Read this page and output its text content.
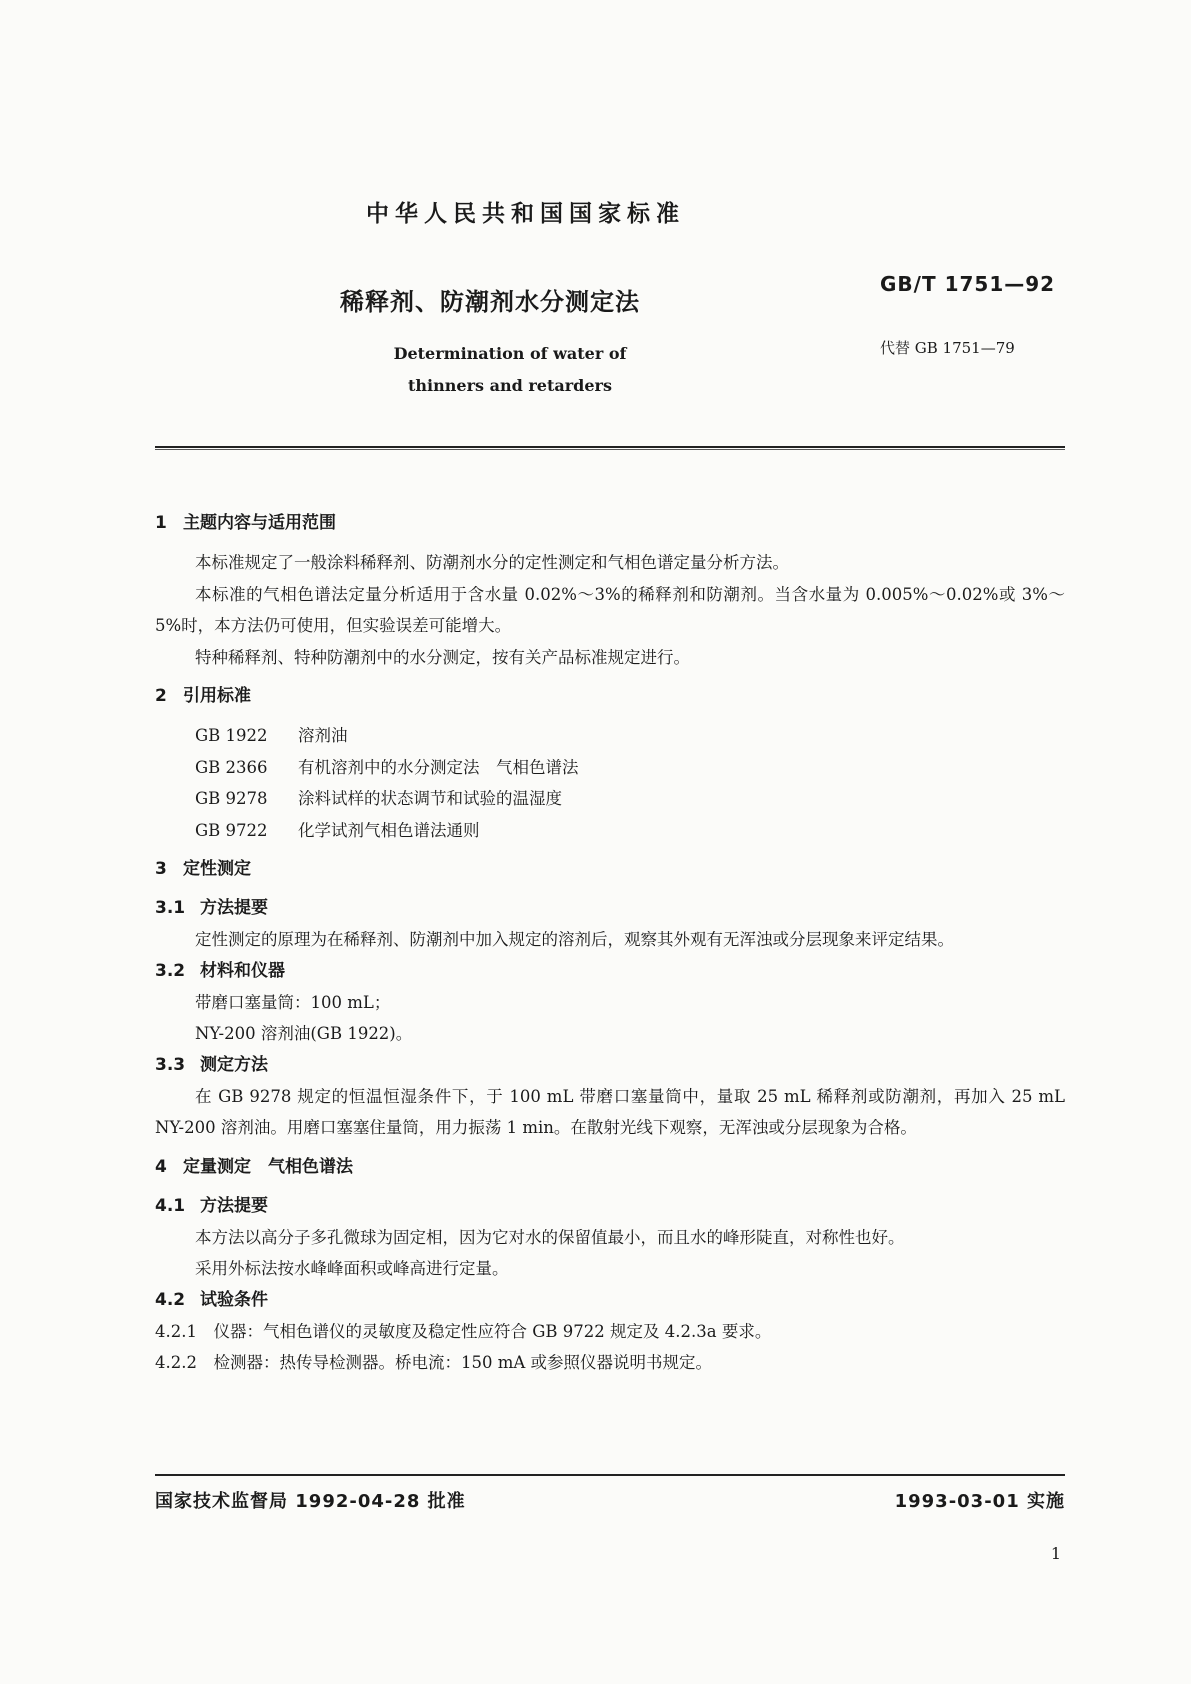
中华人民共和国国家标准
稀释剂、防潮剂水分测定法
GB/T 1751—92
代替 GB 1751—79
Determination of water of
thinners and retarders
1 主题内容与适用范围

本标准规定了一般涂料稀释剂、防潮剂水分的定性测定和气相色谱定量分析方法。

本标准的气相色谱法定量分析适用于含水量 0.02%～3%的稀释剂和防潮剂。当含水量为 0.005%～0.02%或 3%～5%时，本方法仍可使用，但实验误差可能增大。

特种稀释剂、特种防潮剂中的水分测定，按有关产品标准规定进行。

2 引用标准
GB 1922 溶剂油
GB 2366 有机溶剂中的水分测定法　气相色谱法
GB 9278 涂料试样的状态调节和试验的温湿度
GB 9722 化学试剂气相色谱法通则
3 定性测定
3.1 方法提要

定性测定的原理为在稀释剂、防潮剂中加入规定的溶剂后，观察其外观有无浑浊或分层现象来评定结果。

3.2 材料和仪器

带磨口塞量筒：100 mL；

NY-200 溶剂油(GB 1922)。

3.3 测定方法

在 GB 9278 规定的恒温恒湿条件下，于 100 mL 带磨口塞量筒中，量取 25 mL 稀释剂或防潮剂，再加入 25 mL NY-200 溶剂油。用磨口塞塞住量筒，用力振荡 1 min。在散射光线下观察，无浑浊或分层现象为合格。

4 定量测定　气相色谱法
4.1 方法提要

本方法以高分子多孔微球为固定相，因为它对水的保留值最小，而且水的峰形陡直，对称性也好。

采用外标法按水峰峰面积或峰高进行定量。

4.2 试验条件

4.2.1　仪器：气相色谱仪的灵敏度及稳定性应符合 GB 9722 规定及 4.2.3a 要求。

4.2.2　检测器：热传导检测器。桥电流：150 mA 或参照仪器说明书规定。

国家技术监督局 1992-04-28 批准	1993-03-01 实施
1
